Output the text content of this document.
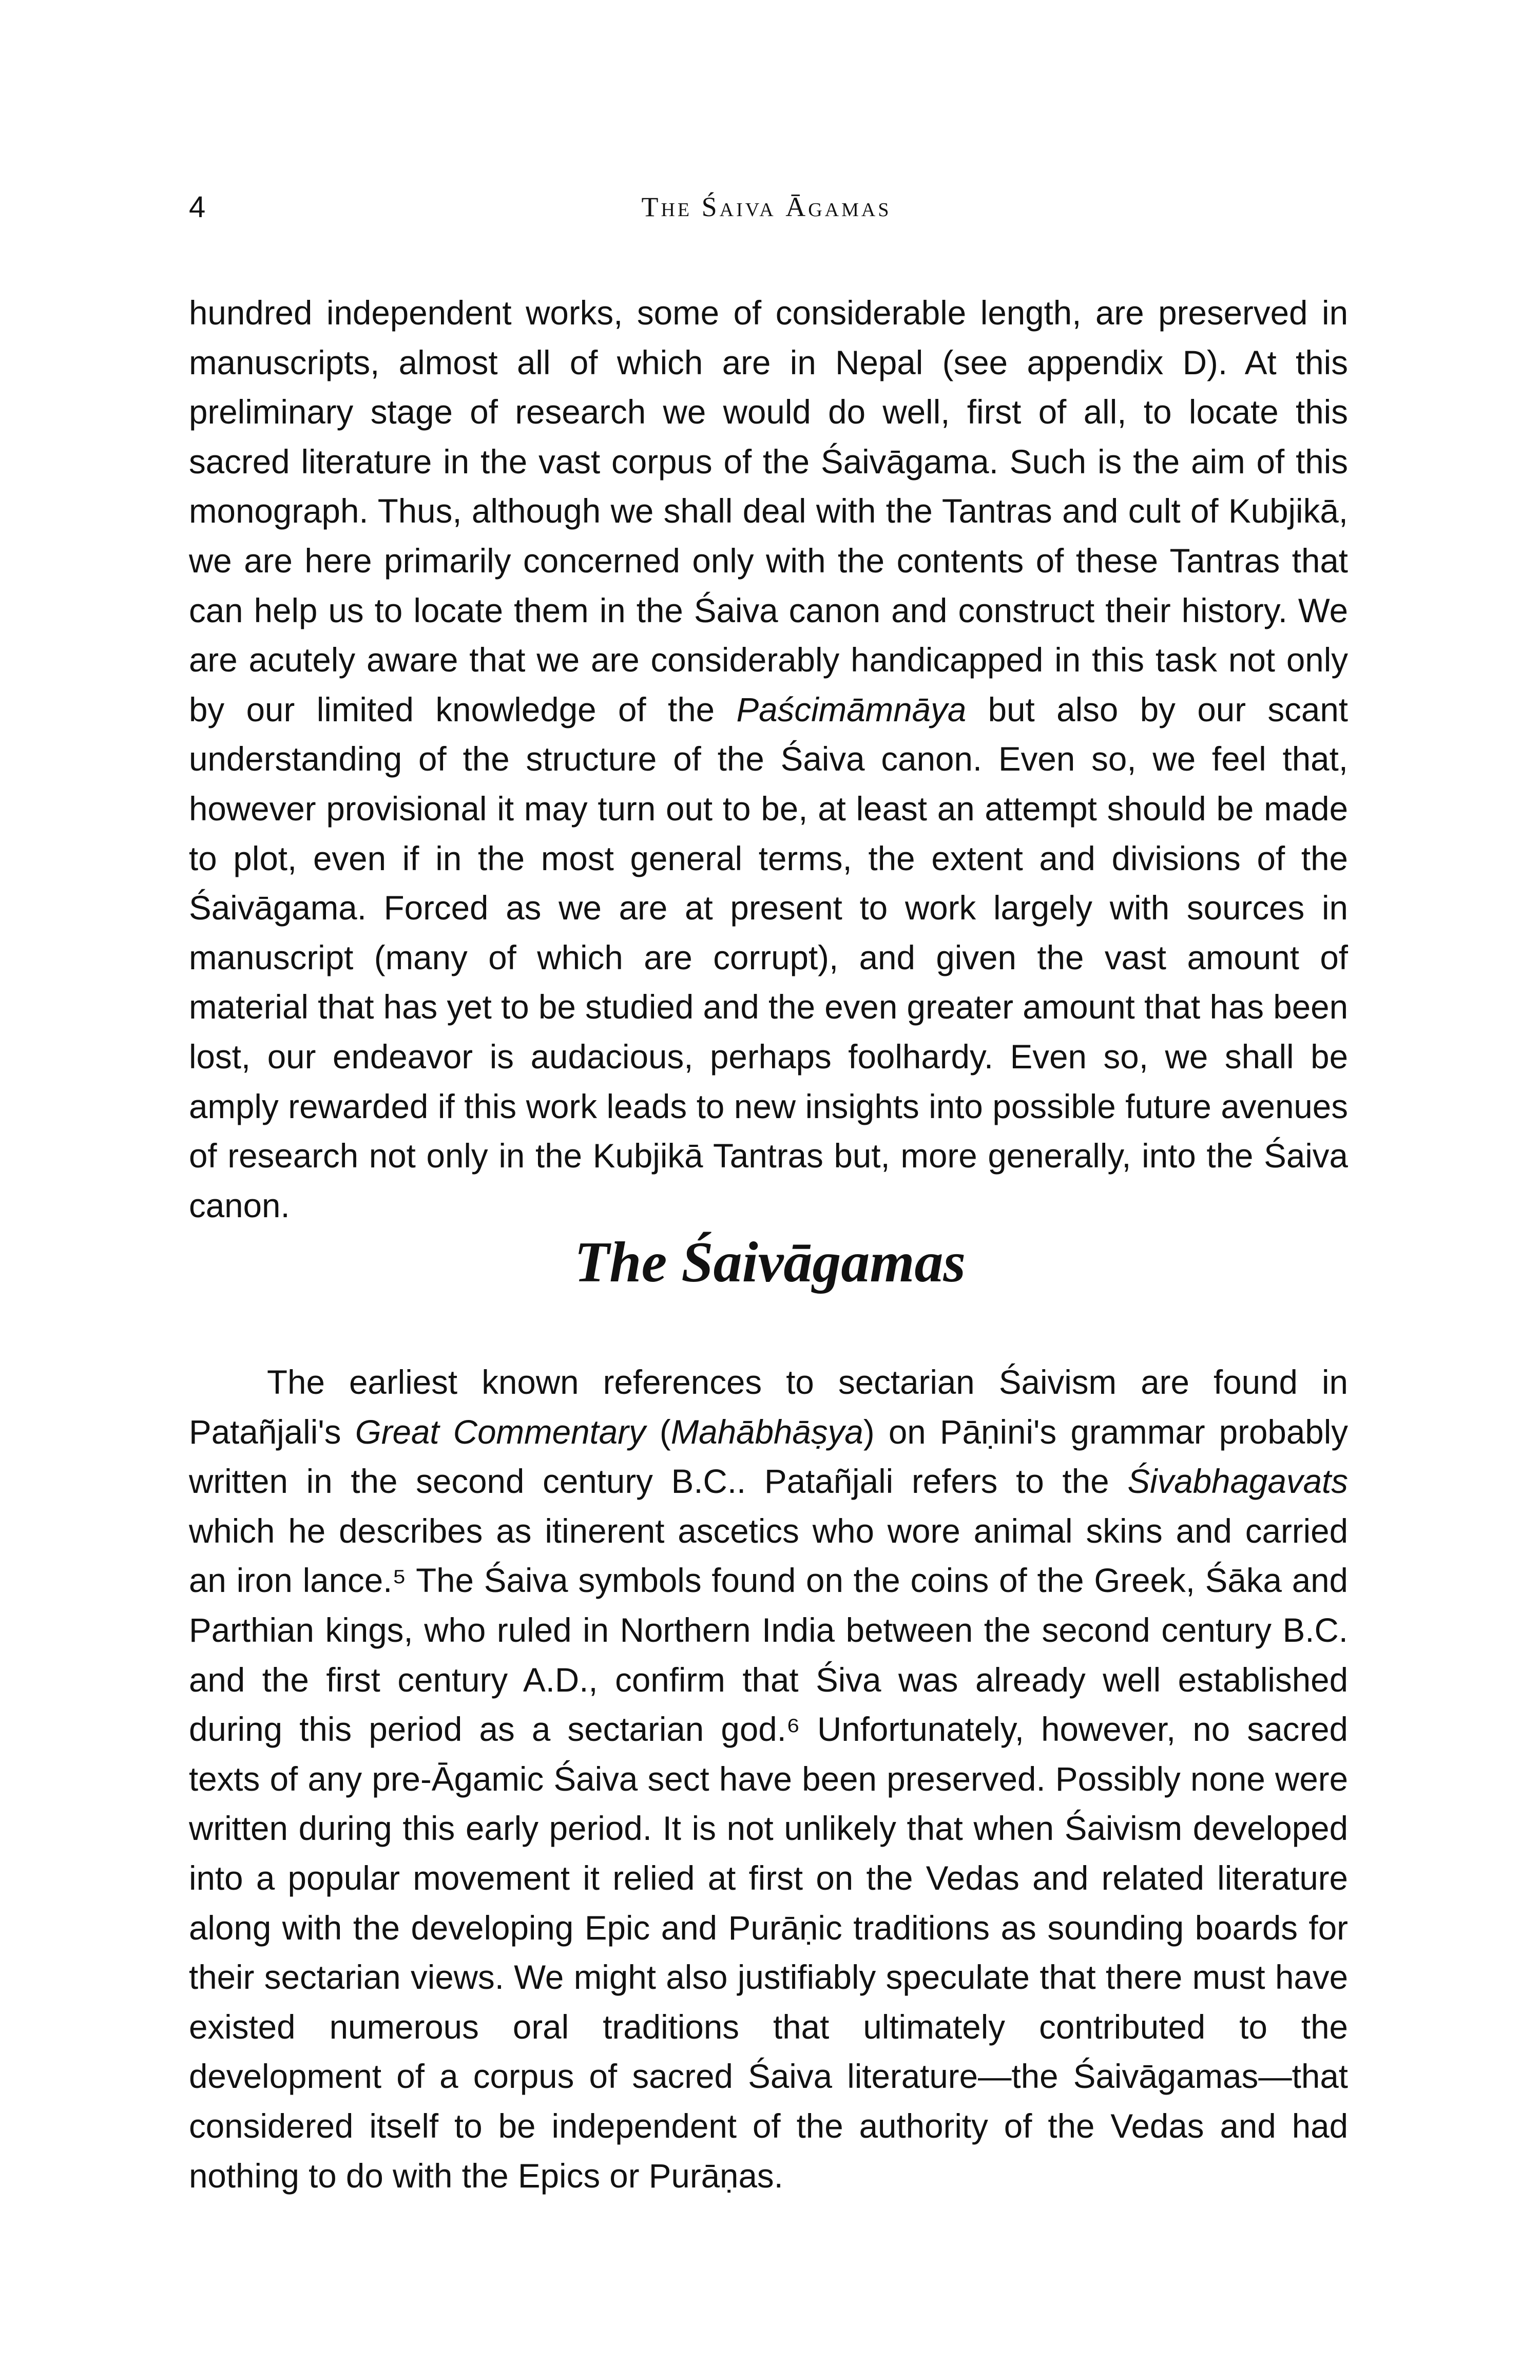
4	The Śaiva Āgamas

hundred independent works, some of considerable length, are preserved in manuscripts, almost all of which are in Nepal (see appendix D). At this preliminary stage of research we would do well, first of all, to locate this sacred literature in the vast corpus of the Śaivāgama. Such is the aim of this monograph. Thus, although we shall deal with the Tantras and cult of Kubjikā, we are here primarily concerned only with the contents of these Tantras that can help us to locate them in the Śaiva canon and construct their history. We are acutely aware that we are considerably handicapped in this task not only by our limited knowledge of the Paścimāmnāya but also by our scant understanding of the structure of the Śaiva canon. Even so, we feel that, however provisional it may turn out to be, at least an attempt should be made to plot, even if in the most general terms, the extent and divisions of the Śaivāgama. Forced as we are at present to work largely with sources in manuscript (many of which are corrupt), and given the vast amount of material that has yet to be studied and the even greater amount that has been lost, our endeavor is audacious, perhaps foolhardy. Even so, we shall be amply rewarded if this work leads to new insights into possible future avenues of research not only in the Kubjikā Tantras but, more generally, into the Śaiva canon.

The Śaivāgamas

The earliest known references to sectarian Śaivism are found in Patañjali's Great Commentary (Mahābhāṣya) on Pāṇini's grammar probably written in the second century B.C.. Patañjali refers to the Śivabhagavats which he describes as itinerent ascetics who wore animal skins and carried an iron lance.⁵ The Śaiva symbols found on the coins of the Greek, Śāka and Parthian kings, who ruled in Northern India between the second century B.C. and the first century A.D., confirm that Śiva was already well established during this period as a sectarian god.⁶ Unfortunately, however, no sacred texts of any pre-Āgamic Śaiva sect have been preserved. Possibly none were written during this early period. It is not unlikely that when Śaivism developed into a popular movement it relied at first on the Vedas and related literature along with the developing Epic and Purāṇic traditions as sounding boards for their sectarian views. We might also justifiably speculate that there must have existed numerous oral traditions that ultimately contributed to the development of a corpus of sacred Śaiva literature—the Śaivāgamas—that considered itself to be independent of the authority of the Vedas and had nothing to do with the Epics or Purāṇas.
